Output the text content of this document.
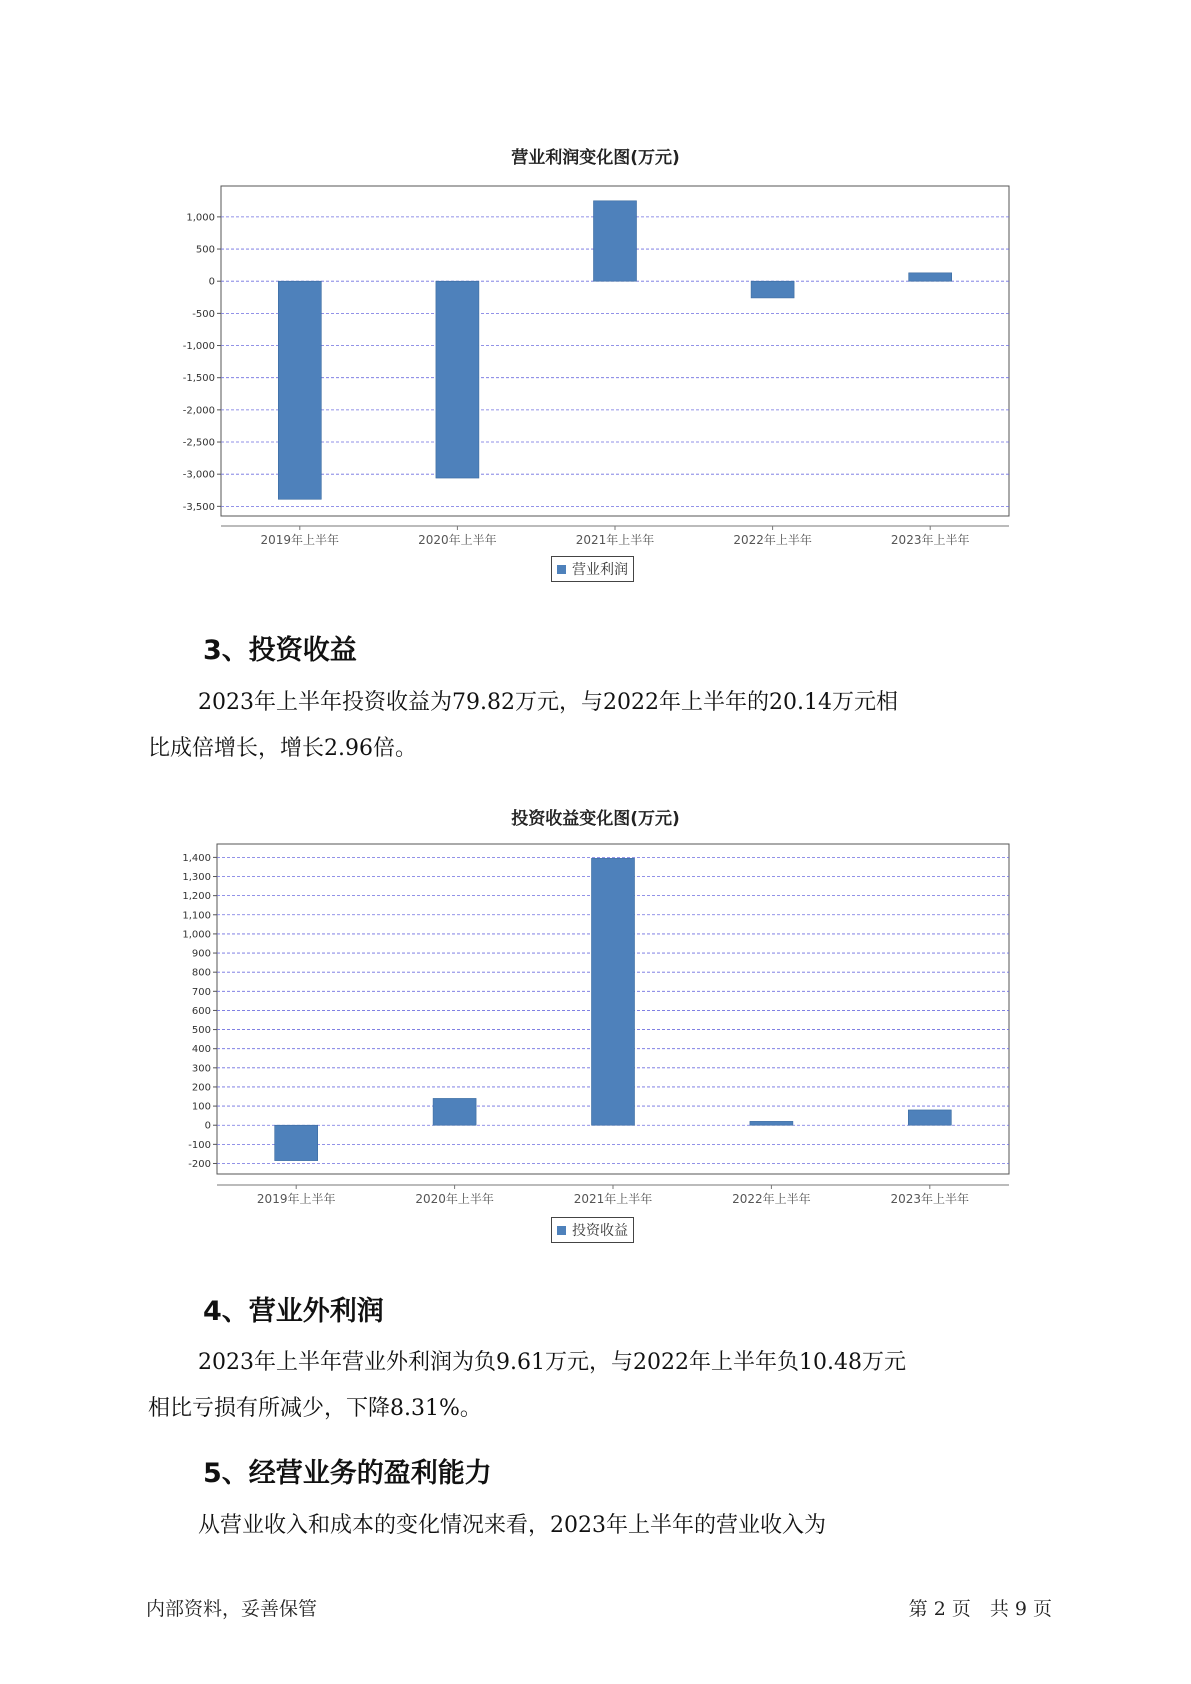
营业利润变化图(万元)
1,000
500
0
-500
-1,000
-1,500
-2,000
-2,500
-3,000
-3,500
2019年上半年	2020年上半年	2021年上半年	2022年上半年	2023年上半年
营业利润
3、投资收益
2023年上半年投资收益为79.82万元，与2022年上半年的20.14万元相
比成倍增长，增长2.96倍。
投资收益变化图(万元)
1,400
1,300
1,200
1,100
1,000
900
800
700
600
500
400
300
200
100
0
-100
-200
2019年上半年	2020年上半年	2021年上半年	2022年上半年	2023年上半年
投资收益
4、营业外利润
2023年上半年营业外利润为负9.61万元，与2022年上半年负10.48万元
相比亏损有所减少，下降8.31%。
5、经营业务的盈利能力
从营业收入和成本的变化情况来看，2023年上半年的营业收入为
内部资料，妥善保管	第 2 页　共 9 页
